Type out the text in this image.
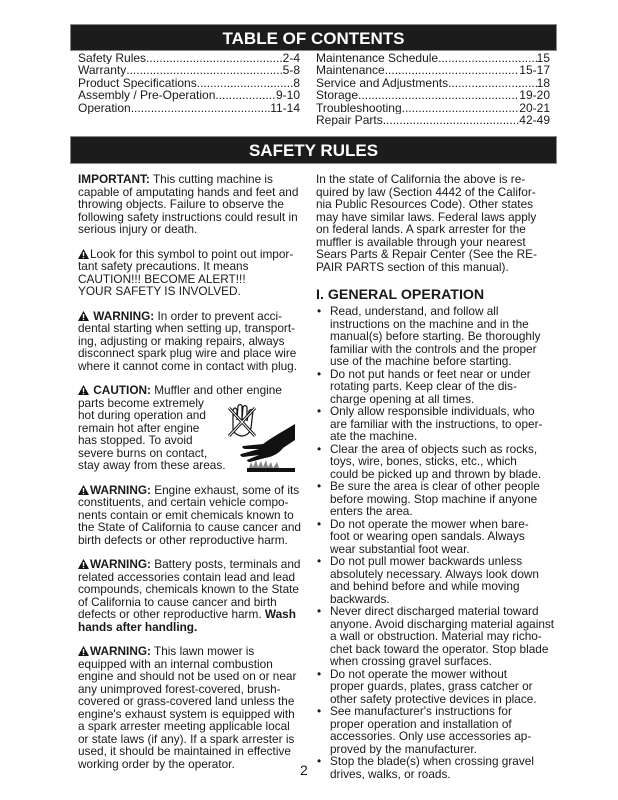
TABLE OF CONTENTS
Safety Rules .....	2-4
Warranty .....	5-8
Product Specifications .....	8
Assembly / Pre-Operation .....	9-10
Operation .....	11-14
Maintenance Schedule .....	15
Maintenance .....	15-17
Service and Adjustments .....	18
Storage .....	19-20
Troubleshooting .....	20-21
Repair Parts .....	42-49
SAFETY RULES
IMPORTANT: This cutting machine is
capable of amputating hands and feet and
throwing objects. Failure to observe the
following safety instructions could result in
serious injury or death.
Look for this symbol to point out impor-
tant safety precautions. It means
CAUTION!!! BECOME ALERT!!!
YOUR SAFETY IS INVOLVED.
WARNING: In order to prevent acci-
dental starting when setting up, transport-
ing, adjusting or making repairs, always
disconnect spark plug wire and place wire
where it cannot come in contact with plug.
CAUTION: Muffler and other engine
parts become extremely
hot during operation and
remain hot after engine
has stopped. To avoid
severe burns on contact,
stay away from these areas.
WARNING: Engine exhaust, some of its
constituents, and certain vehicle compo-
nents contain or emit chemicals known to
the State of California to cause cancer and
birth defects or other reproductive harm.
WARNING: Battery posts, terminals and
related accessories contain lead and lead
compounds, chemicals known to the State
of California to cause cancer and birth
defects or other reproductive harm. Wash
hands after handling.
WARNING: This lawn mower is
equipped with an internal combustion
engine and should not be used on or near
any unimproved forest-covered, brush-
covered or grass-covered land unless the
engine's exhaust system is equipped with
a spark arrester meeting applicable local
or state laws (if any). If a spark arrester is
used, it should be maintained in effective
working order by the operator.
In the state of California the above is re-
quired by law (Section 4442 of the Califor-
nia Public Resources Code). Other states
may have similar laws. Federal laws apply
on federal lands. A spark arrester for the
muffler is available through your nearest
Sears Parts & Repair Center (See the RE-
PAIR PARTS section of this manual).
I. GENERAL OPERATION
• Read, understand, and follow all
instructions on the machine and in the
manual(s) before starting. Be thoroughly
familiar with the controls and the proper
use of the machine before starting.
• Do not put hands or feet near or under
rotating parts. Keep clear of the dis-
charge opening at all times.
• Only allow responsible individuals, who
are familiar with the instructions, to oper-
ate the machine.
• Clear the area of objects such as rocks,
toys, wire, bones, sticks, etc., which
could be picked up and thrown by blade.
• Be sure the area is clear of other people
before mowing. Stop machine if anyone
enters the area.
• Do not operate the mower when bare-
foot or wearing open sandals. Always
wear substantial foot wear.
• Do not pull mower backwards unless
absolutely necessary. Always look down
and behind before and while moving
backwards.
• Never direct discharged material toward
anyone. Avoid discharging material against
a wall or obstruction. Material may richo-
chet back toward the operator. Stop blade
when crossing gravel surfaces.
• Do not operate the mower without
proper guards, plates, grass catcher or
other safety protective devices in place.
• See manufacturer's instructions for
proper operation and installation of
accessories. Only use accessories ap-
proved by the manufacturer.
• Stop the blade(s) when crossing gravel
drives, walks, or roads.
2
